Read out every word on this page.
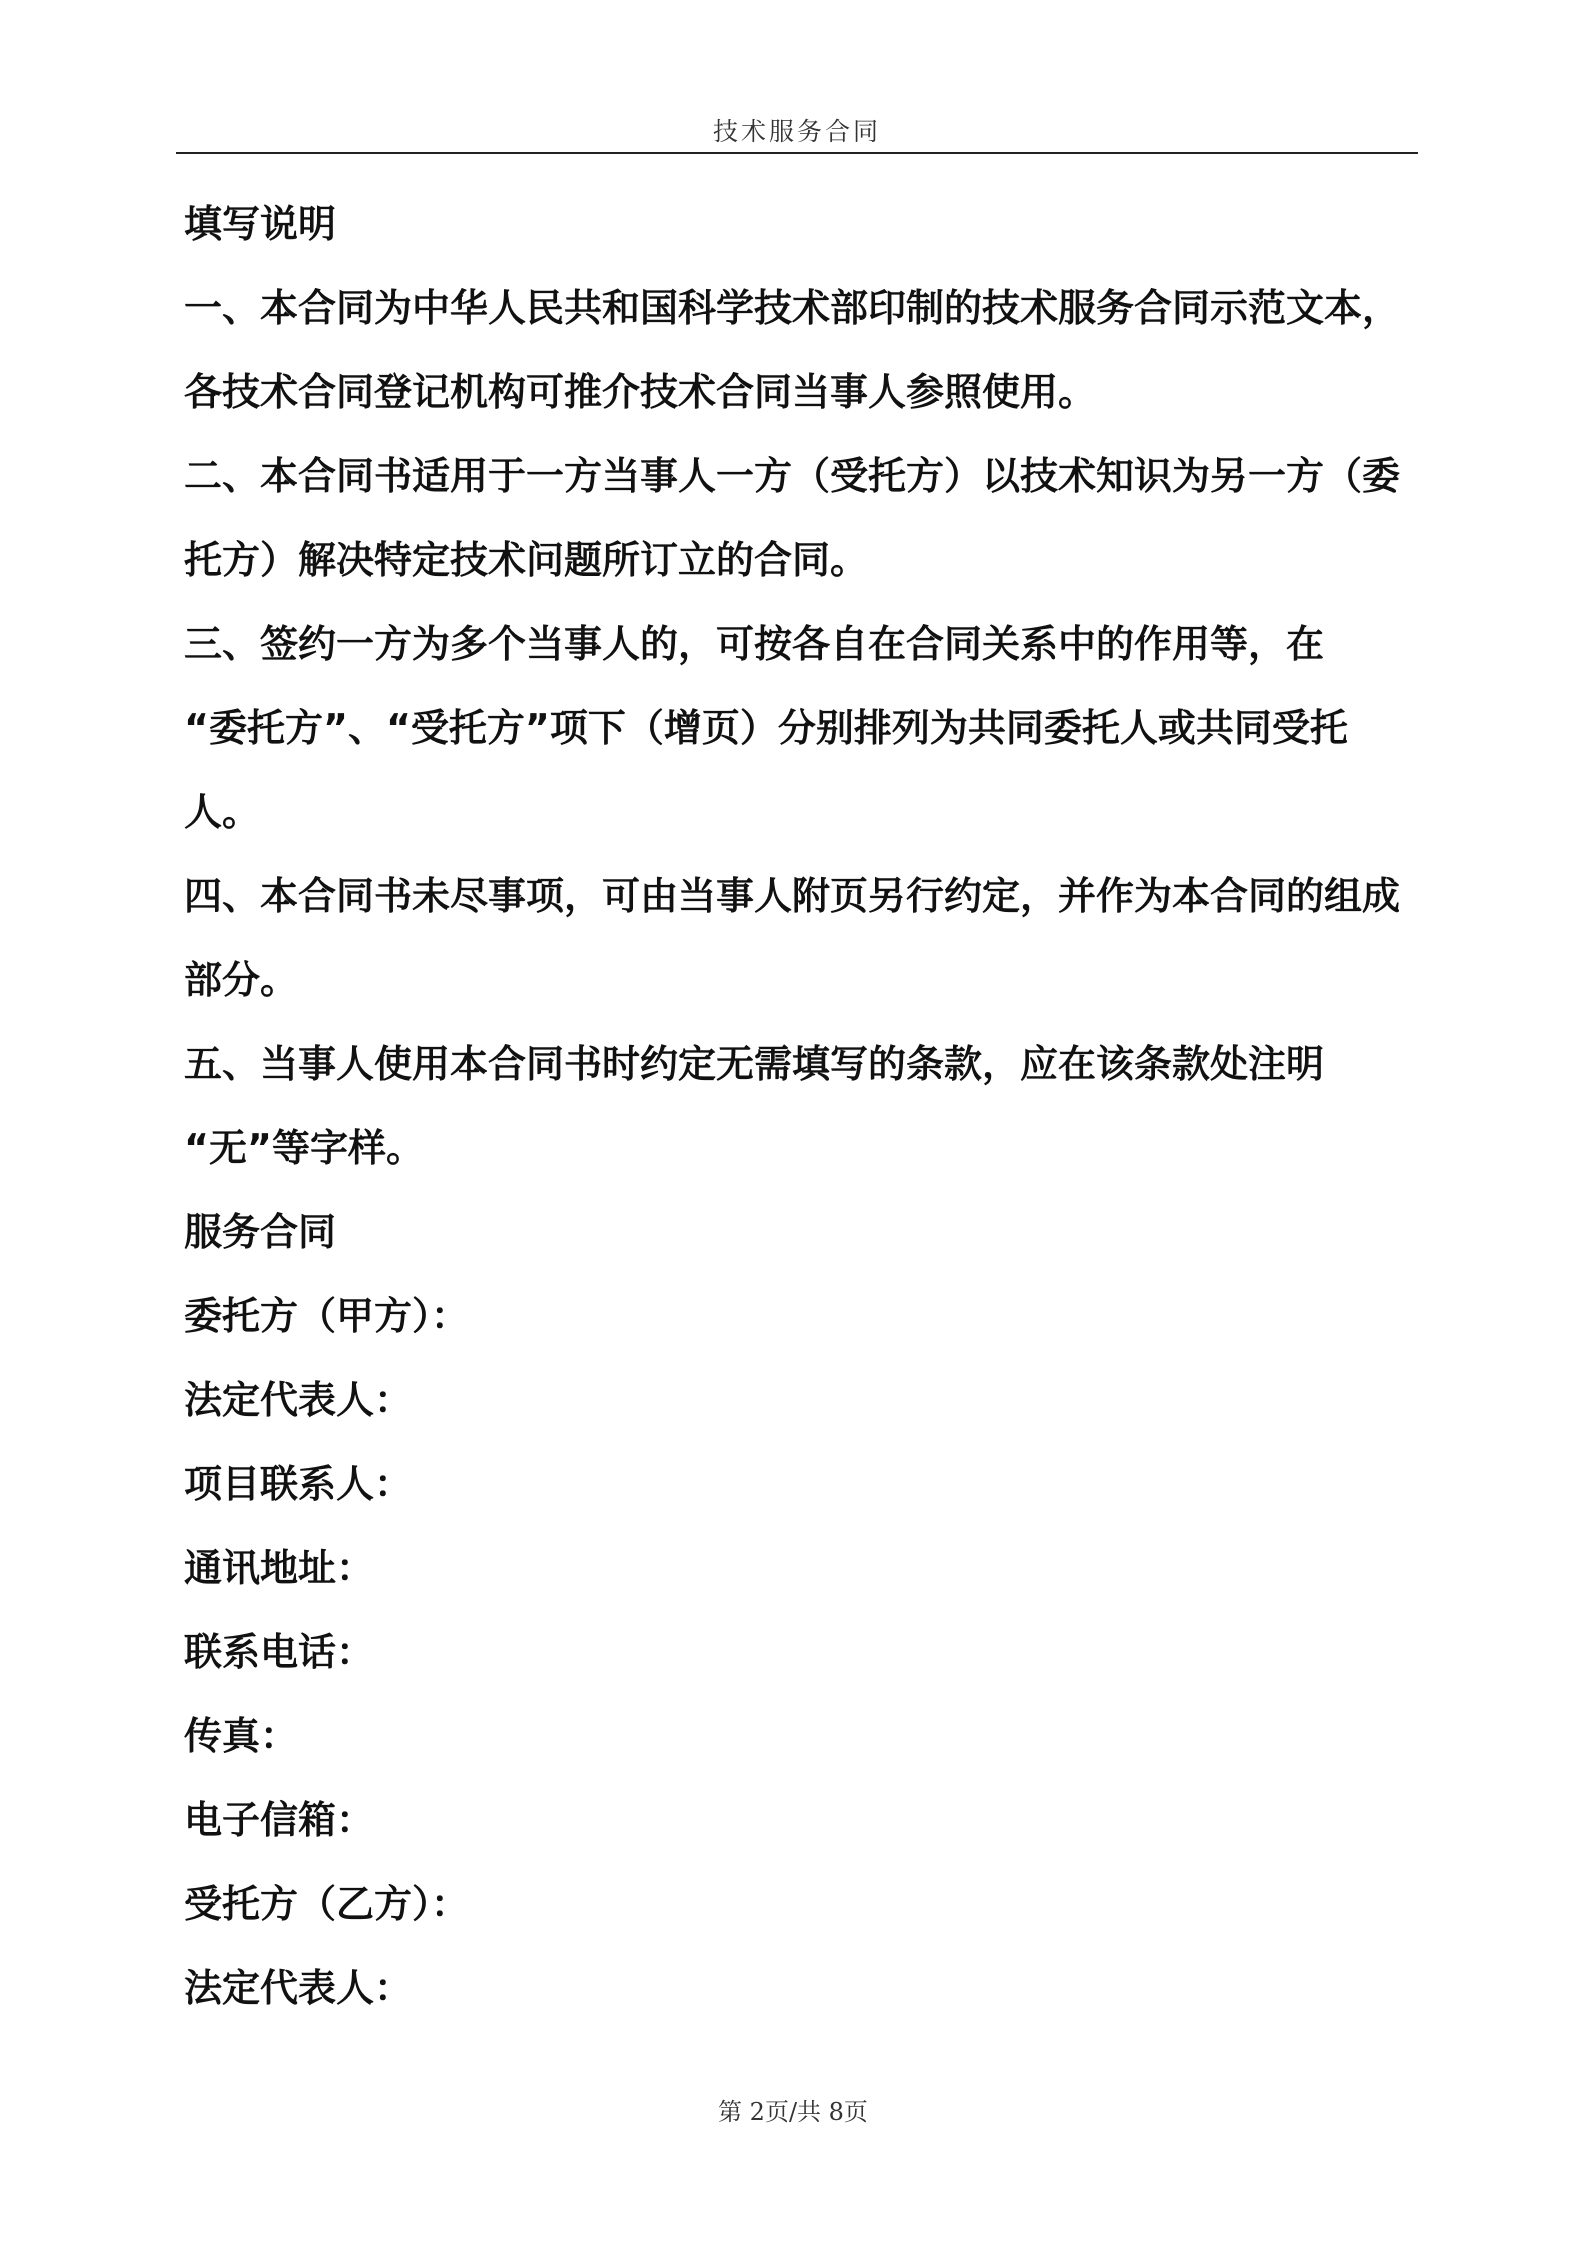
技术服务合同

填写说明

一、本合同为中华人民共和国科学技术部印制的技术服务合同示范文本，

各技术合同登记机构可推介技术合同当事人参照使用。

二、本合同书适用于一方当事人一方（受托方）以技术知识为另一方（委

托方）解决特定技术问题所订立的合同。

三、签约一方为多个当事人的，可按各自在合同关系中的作用等，在

“委托方”、“受托方”项下（增页）分别排列为共同委托人或共同受托

人。

四、本合同书未尽事项，可由当事人附页另行约定，并作为本合同的组成

部分。

五、当事人使用本合同书时约定无需填写的条款，应在该条款处注明

“无”等字样。

服务合同

委托方（甲方）：

法定代表人：

项目联系人：

通讯地址：

联系电话：

传真：

电子信箱：

受托方（乙方）：

法定代表人：

第 2页/共 8页
